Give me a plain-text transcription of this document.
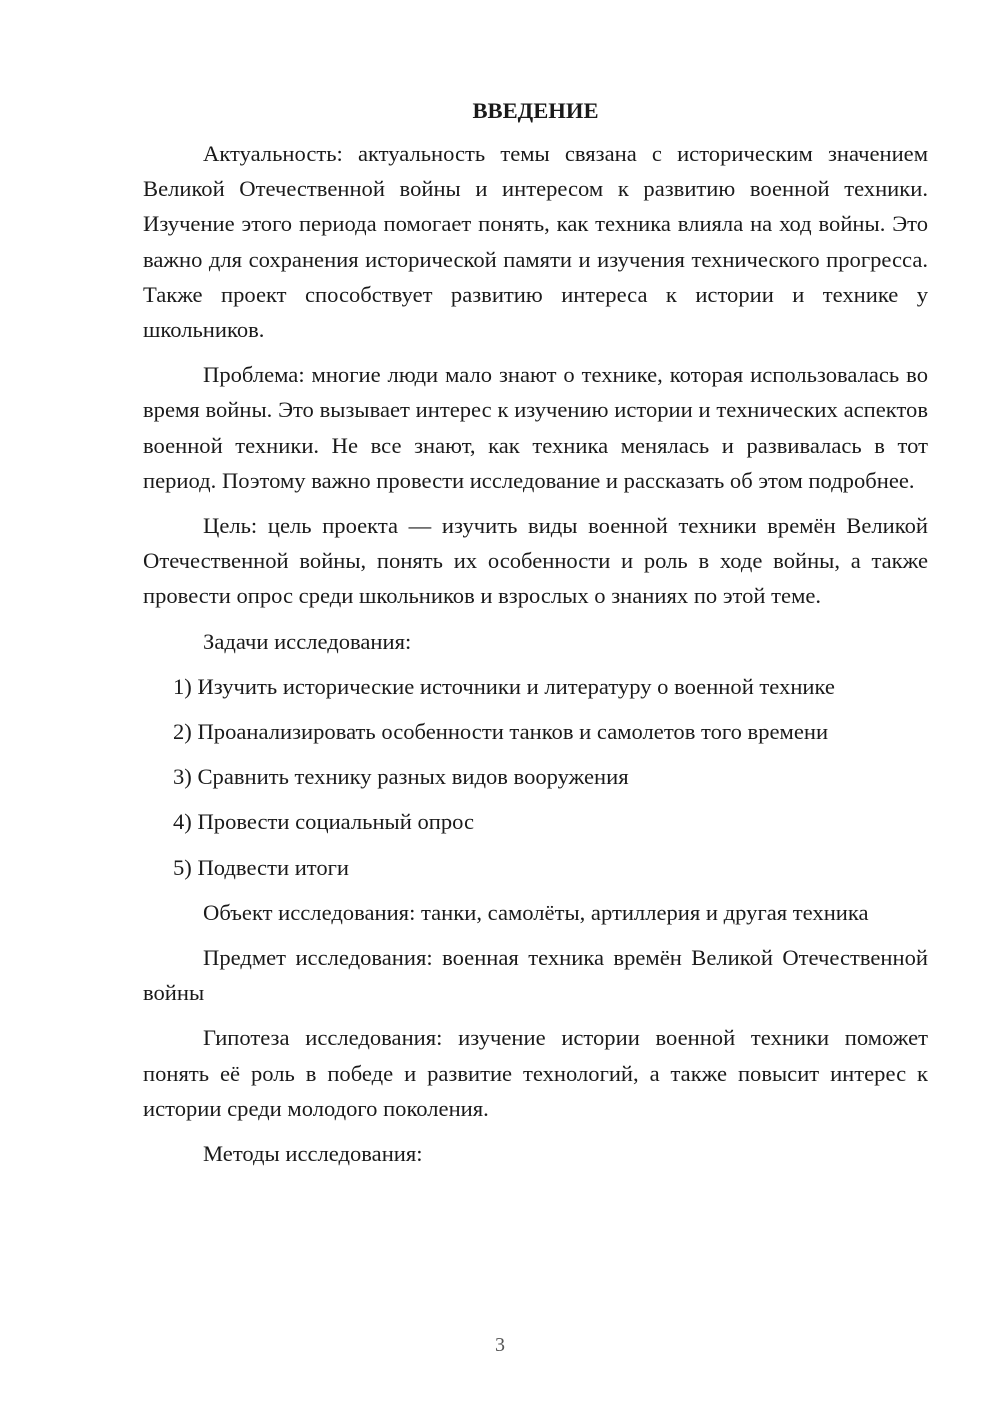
ВВЕДЕНИЕ
Актуальность: актуальность темы связана с историческим значением Великой Отечественной войны и интересом к развитию военной техники. Изучение этого периода помогает понять, как техника влияла на ход войны. Это важно для сохранения исторической памяти и изучения технического прогресса. Также проект способствует развитию интереса к истории и технике у школьников.
Проблема: многие люди мало знают о технике, которая использовалась во время войны. Это вызывает интерес к изучению истории и технических аспектов военной техники. Не все знают, как техника менялась и развивалась в тот период. Поэтому важно провести исследование и рассказать об этом подробнее.
Цель: цель проекта — изучить виды военной техники времён Великой Отечественной войны, понять их особенности и роль в ходе войны, а также провести опрос среди школьников и взрослых о знаниях по этой теме.
Задачи исследования:
1) Изучить исторические источники и литературу о военной технике
2) Проанализировать особенности танков и самолетов того времени
3) Сравнить технику разных видов вооружения
4) Провести социальный опрос
5) Подвести итоги
Объект исследования: танки, самолёты, артиллерия и другая техника
Предмет исследования: военная техника времён Великой Отечественной войны
Гипотеза исследования: изучение истории военной техники поможет понять её роль в победе и развитие технологий, а также повысит интерес к истории среди молодого поколения.
Методы исследования:
3
